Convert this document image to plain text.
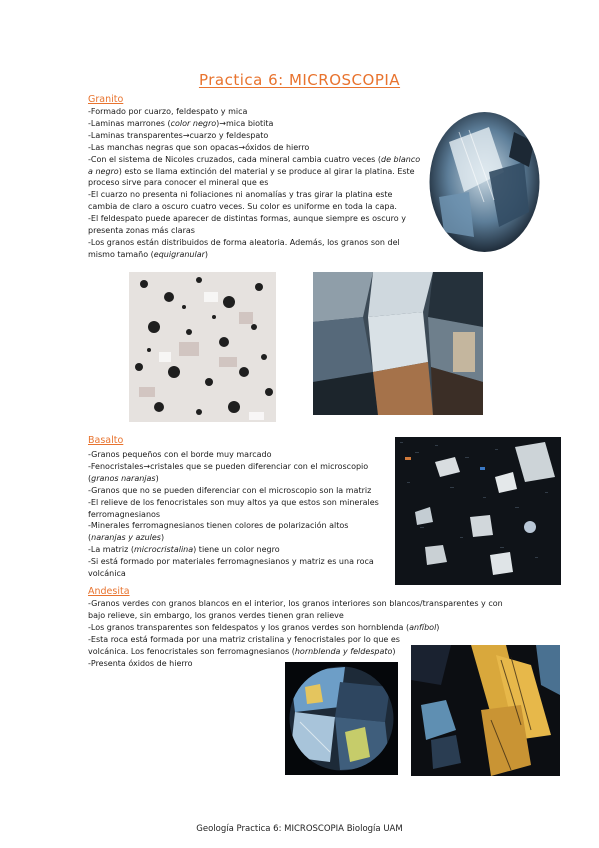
Practica 6: MICROSCOPIA
Granito

-Formado por cuarzo, feldespato y mica

-Laminas marrones (color negro)→mica biotita

-Laminas transparentes→cuarzo y feldespato

-Las manchas negras que son opacas→óxidos de hierro

-Con el sistema de Nicoles cruzados, cada mineral cambia cuatro veces (de blanco

a negro) esto se llama extinción del material y se produce al girar la platina. Este

proceso sirve para conocer el mineral que es

-El cuarzo no presenta ni foliaciones ni anomalías y tras girar la platina este

cambia de claro a oscuro cuatro veces. Su color es uniforme en toda la capa.

-El feldespato puede aparecer de distintas formas, aunque siempre es oscuro y

presenta zonas más claras

-Los granos están distribuidos de forma aleatoria. Además, los granos son del

mismo tamaño (equigranular)

Basalto

-Granos pequeños con el borde muy marcado

-Fenocristales→cristales que se pueden diferenciar con el microscopio

(granos naranjas)

-Granos que no se pueden diferenciar con el microscopio son la matriz

-El relieve de los fenocristales son muy altos ya que estos son minerales

ferromagnesianos

-Minerales ferromagnesianos tienen colores de polarización altos

(naranjas y azules)

-La matriz (microcristalina) tiene un color negro

-Si está formado por materiales ferromagnesianos y matriz es una roca

volcánica

Andesita

-Granos verdes con granos blancos en el interior, los granos interiores son blancos/transparentes y con

bajo relieve, sin embargo, los granos verdes tienen gran relieve

-Los granos transparentes son feldespatos y los granos verdes son hornblenda (anfíbol)

-Esta roca está formada por una matriz cristalina y fenocristales por lo que es

volcánica. Los fenocristales son ferromagnesianos (hornblenda y feldespato)

-Presenta óxidos de hierro

Geología Practica 6: MICROSCOPIA Biología UAM
